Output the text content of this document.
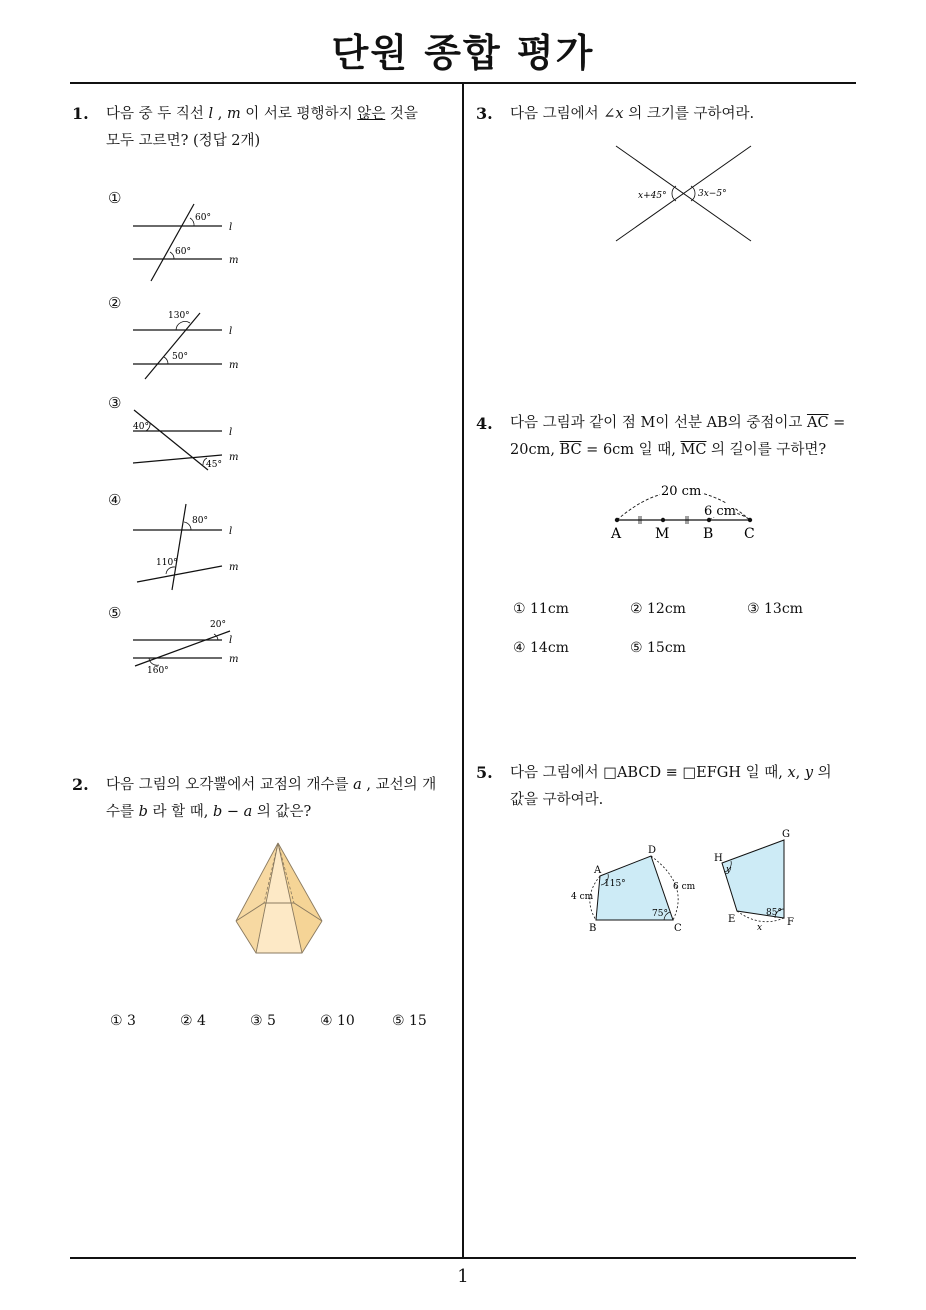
단원 종합 평가
1
1. 다음 중 두 직선 l , m 이 서로 평행하지 않은 것을
모두 고르면? (정답 2개)
①
60°
60°
l
m
②
130°
50°
l
m
③
40°
45°
l
m
④
80°
110°
l
m
⑤
20°
160°
l
m
2. 다음 그림의 오각뿔에서 교점의 개수를 a , 교선의 개
수를 b 라 할 때, b − a 의 값은?
① 3	② 4	③ 5	④ 10	⑤ 15
3. 다음 그림에서 ∠x 의 크기를 구하여라.
x+45°	3x−5°
4. 다음 그림과 같이 점 M이 선분 AB의 중점이고 $\overline{AC}$ =
20cm, $\overline{BC} = 6cm$ 일 때, $\overline{MC}$ 의 길이를 구하면?
20 cm
6 cm
A M B C
① 11cm	② 12cm	③ 13cm
④ 14cm	⑤ 15cm
5. 다음 그림에서 □ABCD ≡ □EFGH 일 때, x, y 의
값을 구하여라.
A
D
B	C
115°
75°
4 cm
6 cm
H
G
E	F
85°
y
x
